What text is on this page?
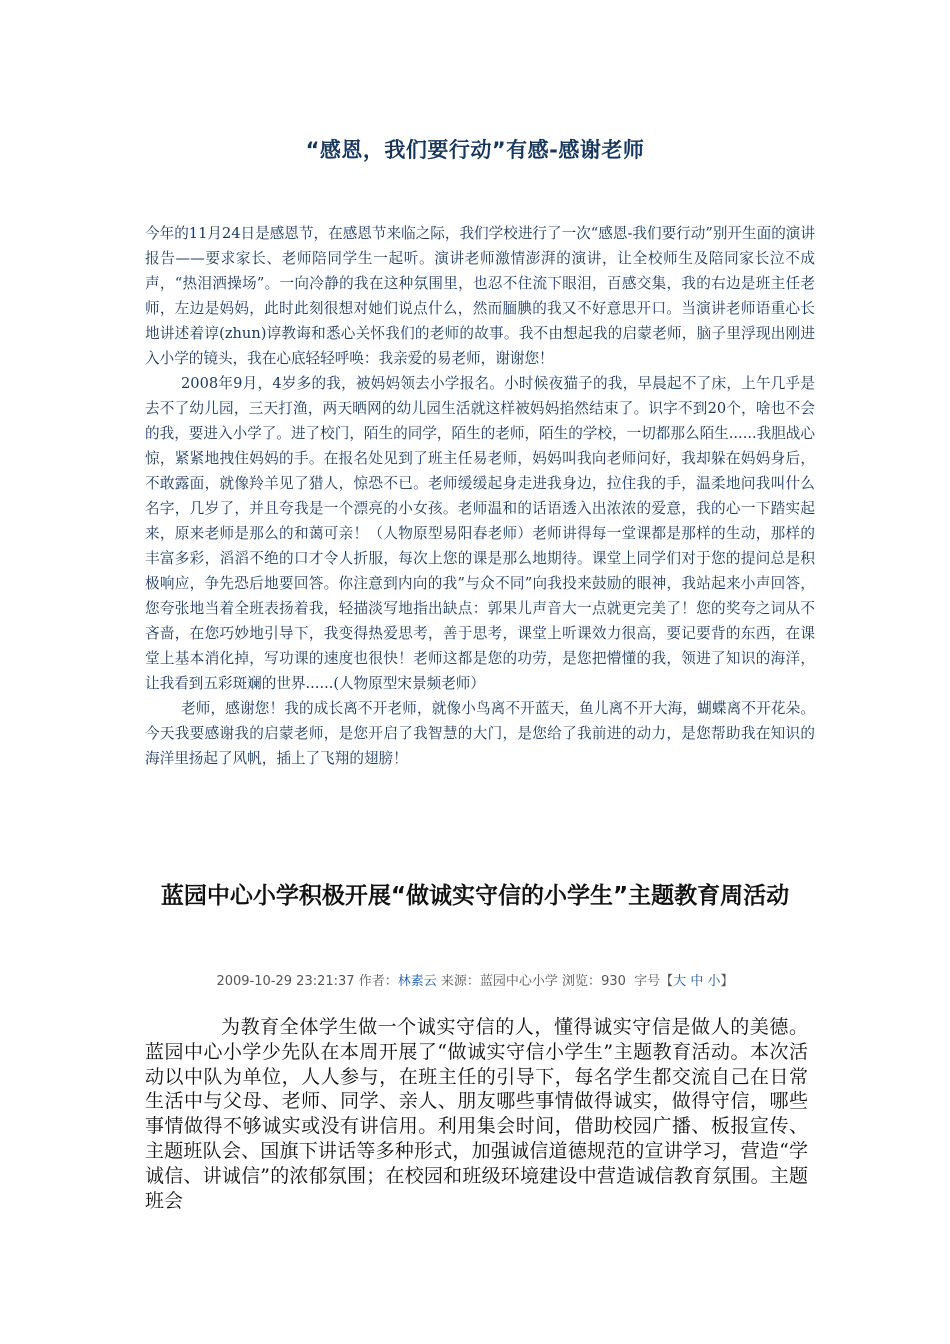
“感恩，我们要行动”有感-感谢老师

今年的11月24日是感恩节，在感恩节来临之际，我们学校进行了一次“感恩-我们要行动”别开生面的演讲报告——要求家长、老师陪同学生一起听。演讲老师激情澎湃的演讲，让全校师生及陪同家长泣不成声，“热泪洒操场”。一向冷静的我在这种氛围里，也忍不住流下眼泪，百感交集，我的右边是班主任老师，左边是妈妈，此时此刻很想对她们说点什么，然而腼腆的我又不好意思开口。当演讲老师语重心长地讲述着谆(zhun)谆教诲和悉心关怀我们的老师的故事。我不由想起我的启蒙老师，脑子里浮现出刚进入小学的镜头，我在心底轻轻呼唤：我亲爱的易老师，谢谢您！

2008年9月，4岁多的我，被妈妈领去小学报名。小时候夜猫子的我，早晨起不了床，上午几乎是去不了幼儿园，三天打渔，两天晒网的幼儿园生活就这样被妈妈掐然结束了。识字不到20个，啥也不会的我，要进入小学了。进了校门，陌生的同学，陌生的老师，陌生的学校，一切都那么陌生......我胆战心惊，紧紧地拽住妈妈的手。在报名处见到了班主任易老师，妈妈叫我向老师问好，我却躲在妈妈身后，不敢露面，就像羚羊见了猎人，惊恐不已。老师缓缓起身走进我身边，拉住我的手，温柔地问我叫什么名字，几岁了，并且夸我是一个漂亮的小女孩。老师温和的话语透入出浓浓的爱意，我的心一下踏实起来，原来老师是那么的和蔼可亲！（人物原型易阳春老师）老师讲得每一堂课都是那样的生动，那样的丰富多彩，滔滔不绝的口才令人折服，每次上您的课是那么地期待。课堂上同学们对于您的提问总是积极响应，争先恐后地要回答。你注意到内向的我”与众不同”向我投来鼓励的眼神，我站起来小声回答，您夸张地当着全班表扬着我，轻描淡写地指出缺点：郭果儿声音大一点就更完美了！您的奖夸之词从不吝啬，在您巧妙地引导下，我变得热爱思考，善于思考，课堂上听课效力很高，要记要背的东西，在课堂上基本消化掉，写功课的速度也很快！老师这都是您的功劳，是您把懵懂的我，领进了知识的海洋，让我看到五彩斑斓的世界......(人物原型宋景频老师）

老师，感谢您！我的成长离不开老师，就像小鸟离不开蓝天，鱼儿离不开大海，蝴蝶离不开花朵。今天我要感谢我的启蒙老师，是您开启了我智慧的大门，是您给了我前进的动力，是您帮助我在知识的海洋里扬起了风帆，插上了飞翔的翅膀！

蓝园中心小学积极开展“做诚实守信的小学生”主题教育周活动
2009-10-29 23:21:37 作者：林素云 来源：蓝园中心小学 浏览：930 字号【大 中 小】

为教育全体学生做一个诚实守信的人，懂得诚实守信是做人的美德。蓝园中心小学少先队在本周开展了“做诚实守信小学生”主题教育活动。本次活动以中队为单位，人人参与，在班主任的引导下，每名学生都交流自己在日常生活中与父母、老师、同学、亲人、朋友哪些事情做得诚实，做得守信，哪些事情做得不够诚实或没有讲信用。利用集会时间，借助校园广播、板报宣传、主题班队会、国旗下讲话等多种形式，加强诚信道德规范的宣讲学习，营造“学诚信、讲诚信”的浓郁氛围；在校园和班级环境建设中营造诚信教育氛围。主题班会
